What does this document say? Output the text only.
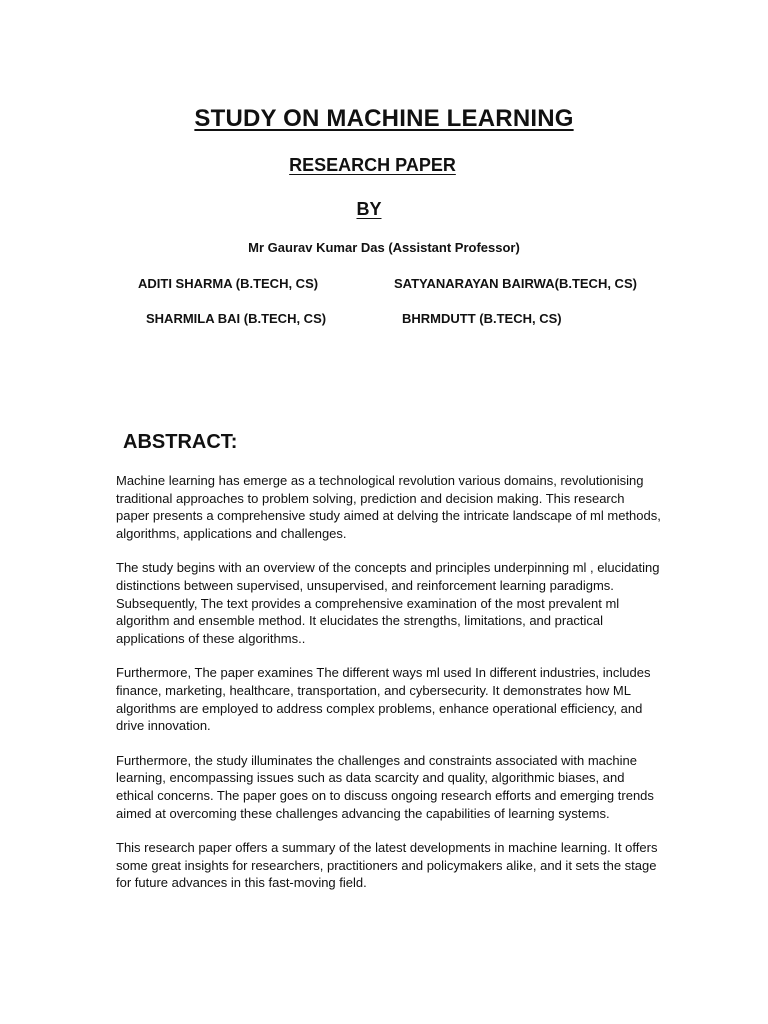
STUDY ON MACHINE LEARNING
RESEARCH PAPER
BY
Mr Gaurav Kumar Das (Assistant Professor)
ADITI SHARMA (B.TECH, CS)	SATYANARAYAN BAIRWA(B.TECH, CS)
SHARMILA BAI (B.TECH, CS)	BHRMDUTT (B.TECH, CS)
ABSTRACT:

Machine learning has emerge as a technological revolution various domains, revolutionising traditional approaches to problem solving, prediction and decision making. This research paper presents a comprehensive study aimed at delving the intricate landscape of ml methods, algorithms, applications and challenges.

The study begins with an overview of the concepts and principles underpinning ml , elucidating distinctions between supervised, unsupervised, and reinforcement learning paradigms. Subsequently, The text provides a comprehensive examination of the most prevalent ml algorithm and ensemble method. It elucidates the strengths, limitations, and practical applications of these algorithms..

Furthermore, The paper examines The different ways ml used In different industries, includes finance, marketing, healthcare, transportation, and cybersecurity. It demonstrates how ML algorithms are employed to address complex problems, enhance operational efficiency, and drive innovation.

Furthermore, the study illuminates the challenges and constraints associated with machine learning, encompassing issues such as data scarcity and quality, algorithmic biases, and ethical concerns. The paper goes on to discuss ongoing research efforts and emerging trends aimed at overcoming these challenges advancing the capabilities of learning systems.

This research paper offers a summary of the latest developments in machine learning. It offers some great insights for researchers, practitioners and policymakers alike, and it sets the stage for future advances in this fast-moving field.
